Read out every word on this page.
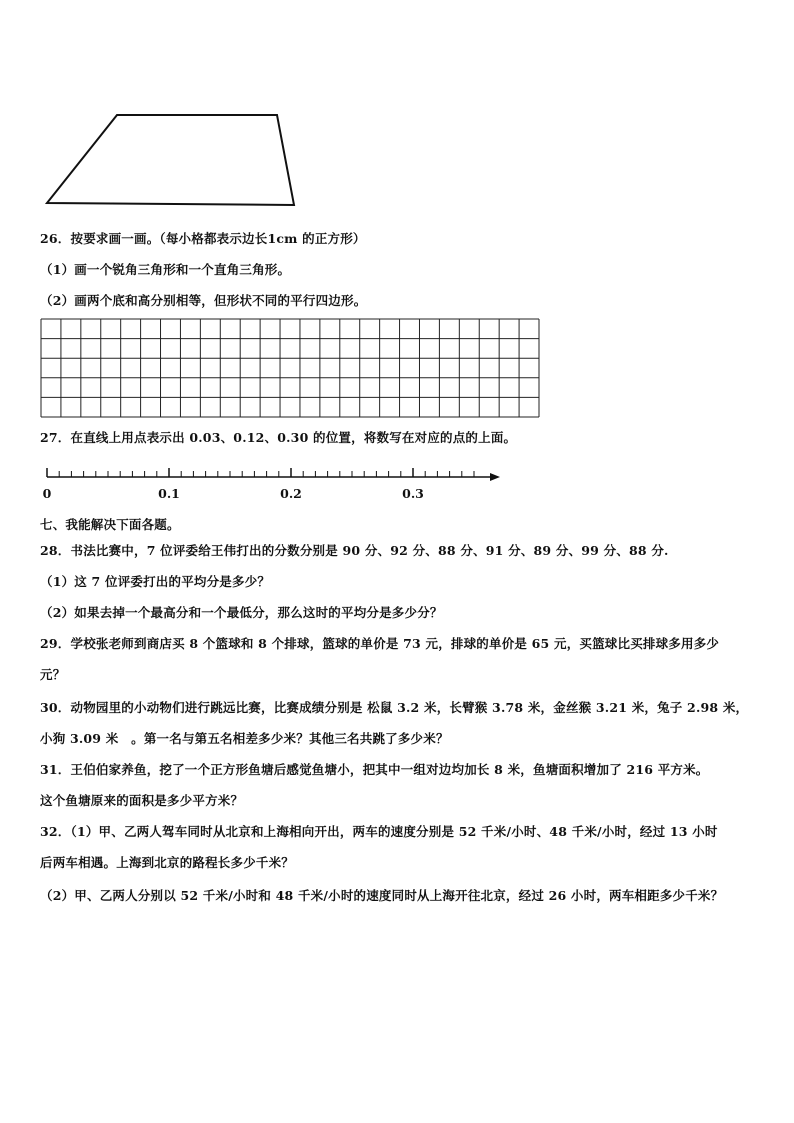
26．按要求画一画。（每小格都表示边长1cm 的正方形）
（1）画一个锐角三角形和一个直角三角形。
（2）画两个底和高分别相等，但形状不同的平行四边形。
27．在直线上用点表示出 0.03、0.12、0.30 的位置，将数写在对应的点的上面。
0	0.1	0.2	0.3
七、我能解决下面各题。
28．书法比赛中，7 位评委给王伟打出的分数分别是 90 分、92 分、88 分、91 分、89 分、99 分、88 分.
（1）这 7 位评委打出的平均分是多少？
（2）如果去掉一个最高分和一个最低分，那么这时的平均分是多少分？
29．学校张老师到商店买 8 个篮球和 8 个排球，篮球的单价是 73 元，排球的单价是 65 元，买篮球比买排球多用多少
元？
30．动物园里的小动物们进行跳远比赛，比赛成绩分别是 松鼠 3.2 米，长臂猴 3.78 米，金丝猴 3.21 米，兔子 2.98 米，
小狗 3.09 米　。第一名与第五名相差多少米？其他三名共跳了多少米？
31．王伯伯家养鱼，挖了一个正方形鱼塘后感觉鱼塘小，把其中一组对边均加长 8 米，鱼塘面积增加了 216 平方米。
这个鱼塘原来的面积是多少平方米？
32．（1）甲、乙两人驾车同时从北京和上海相向开出，两车的速度分别是 52 千米/小时、48 千米/小时，经过 13 小时
后两车相遇。上海到北京的路程长多少千米？
（2）甲、乙两人分别以 52 千米/小时和 48 千米/小时的速度同时从上海开往北京，经过 26 小时，两车相距多少千米？
